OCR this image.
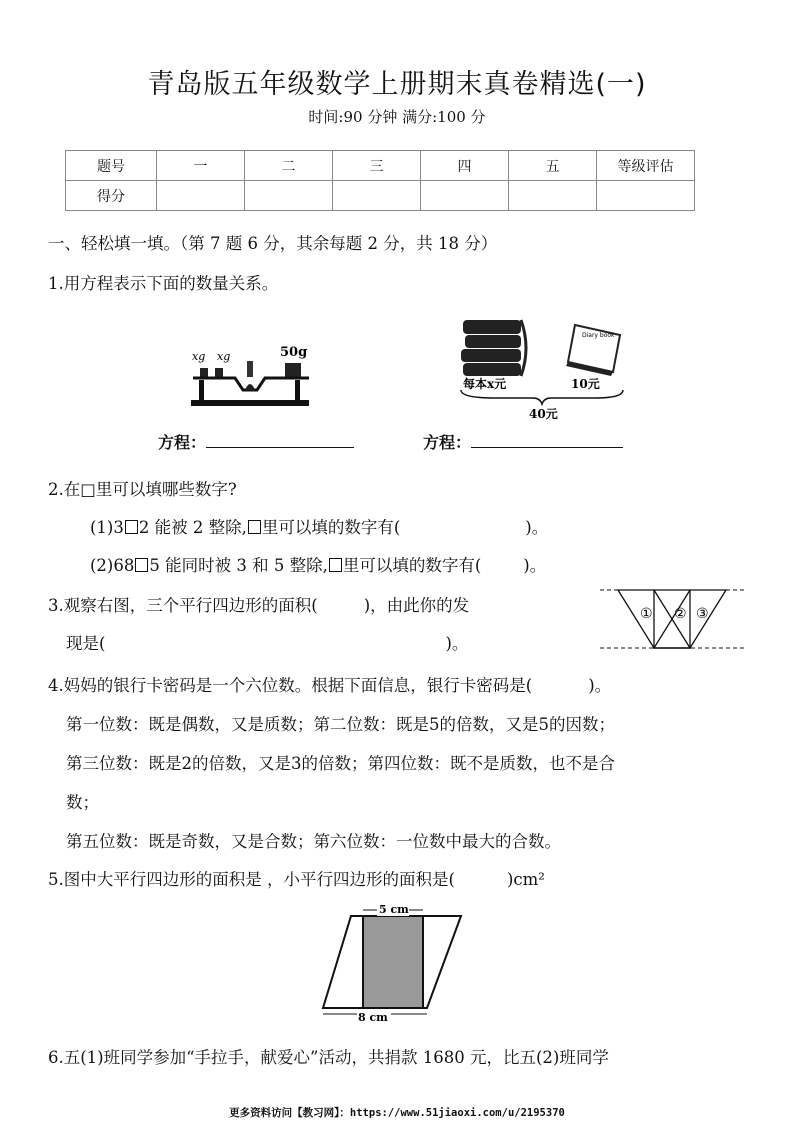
青岛版五年级数学上册期末真卷精选(一)
时间:90 分钟 满分:100 分
题号	一	二	三	四	五	等级评估
得分						
一、轻松填一填。（第 7 题 6 分，其余每题 2 分，共 18 分）
1.用方程表示下面的数量关系。
xg xg	50g
Diary book
每本x元	10元
40元
方程：	方程：
2.在□里可以填哪些数字?
(1)3 2 能被 2 整除, 里可以填的数字有(	)。
(2)68 5 能同时被 3 和 5 整除, 里可以填的数字有(	)。
3.观察右图，三个平行四边形的面积(	)，由此你的发
现是(	)。
① ② ③
4.妈妈的银行卡密码是一个六位数。根据下面信息，银行卡密码是(	)。
第一位数：既是偶数，又是质数；第二位数：既是5的倍数，又是5的因数；
第三位数：既是2的倍数，又是3的倍数；第四位数：既不是质数，也不是合
数；
第五位数：既是奇数，又是合数；第六位数：一位数中最大的合数。
5.图中大平行四边形的面积是 ，小平行四边形的面积是(	)cm²
5 cm
8 cm
6.五(1)班同学参加“手拉手，献爱心”活动，共捐款 1680 元，比五(2)班同学
更多资料访问【教习网】：https://www.51jiaoxi.com/u/2195370
